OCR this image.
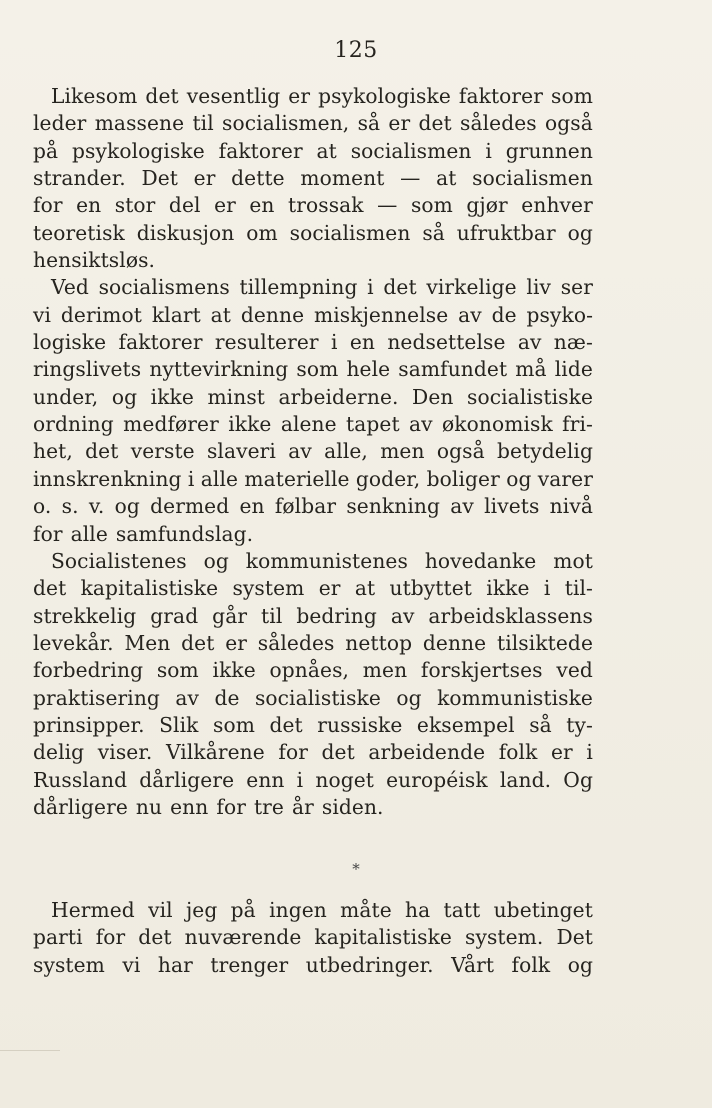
125
Likesom det vesentlig er psykologiske faktorer som
leder massene til socialismen, så er det således også
på psykologiske faktorer at socialismen i grunnen
strander. Det er dette moment — at socialismen
for en stor del er en trossak — som gjør enhver
teoretisk diskusjon om socialismen så ufruktbar og
hensiktsløs.
Ved socialismens tillempning i det virkelige liv ser
vi derimot klart at denne miskjennelse av de psyko-
logiske faktorer resulterer i en nedsettelse av næ-
ringslivets nyttevirkning som hele samfundet må lide
under, og ikke minst arbeiderne. Den socialistiske
ordning medfører ikke alene tapet av økonomisk fri-
het, det verste slaveri av alle, men også betydelig
innskrenkning i alle materielle goder, boliger og varer
o. s. v. og dermed en følbar senkning av livets nivå
for alle samfundslag.
Socialistenes og kommunistenes hovedanke mot
det kapitalistiske system er at utbyttet ikke i til-
strekkelig grad går til bedring av arbeidsklassens
levekår. Men det er således nettop denne tilsiktede
forbedring som ikke opnåes, men forskjertses ved
praktisering av de socialistiske og kommunistiske
prinsipper. Slik som det russiske eksempel så ty-
delig viser. Vilkårene for det arbeidende folk er i
Russland dårligere enn i noget européisk land. Og
dårligere nu enn for tre år siden.
*
Hermed vil jeg på ingen måte ha tatt ubetinget
parti for det nuværende kapitalistiske system. Det
system vi har trenger utbedringer. Vårt folk og
